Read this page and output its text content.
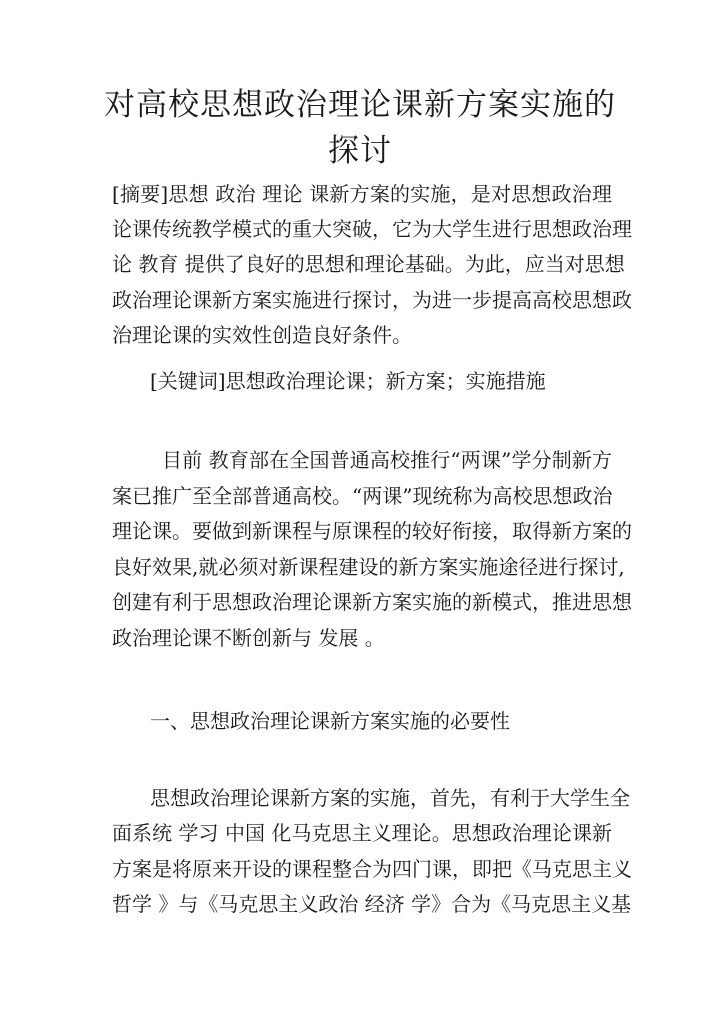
对高校思想政治理论课新方案实施的探讨
[摘要]思想 政治 理论 课新方案的实施，是对思想政治理
论课传统教学模式的重大突破，它为大学生进行思想政治理
论 教育 提供了良好的思想和理论基础。为此，应当对思想
政治理论课新方案实施进行探讨，为进一步提高高校思想政
治理论课的实效性创造良好条件。
[关键词]思想政治理论课；新方案；实施措施
目前 教育部在全国普通高校推行“两课”学分制新方
案已推广至全部普通高校。“两课”现统称为高校思想政治
理论课。要做到新课程与原课程的较好衔接，取得新方案的
良好效果,就必须对新课程建设的新方案实施途径进行探讨,
创建有利于思想政治理论课新方案实施的新模式，推进思想
政治理论课不断创新与 发展 。
一、思想政治理论课新方案实施的必要性
思想政治理论课新方案的实施，首先，有利于大学生全
面系统 学习 中国 化马克思主义理论。思想政治理论课新
方案是将原来开设的课程整合为四门课，即把《马克思主义
哲学 》与《马克思主义政治 经济 学》合为《马克思主义基
